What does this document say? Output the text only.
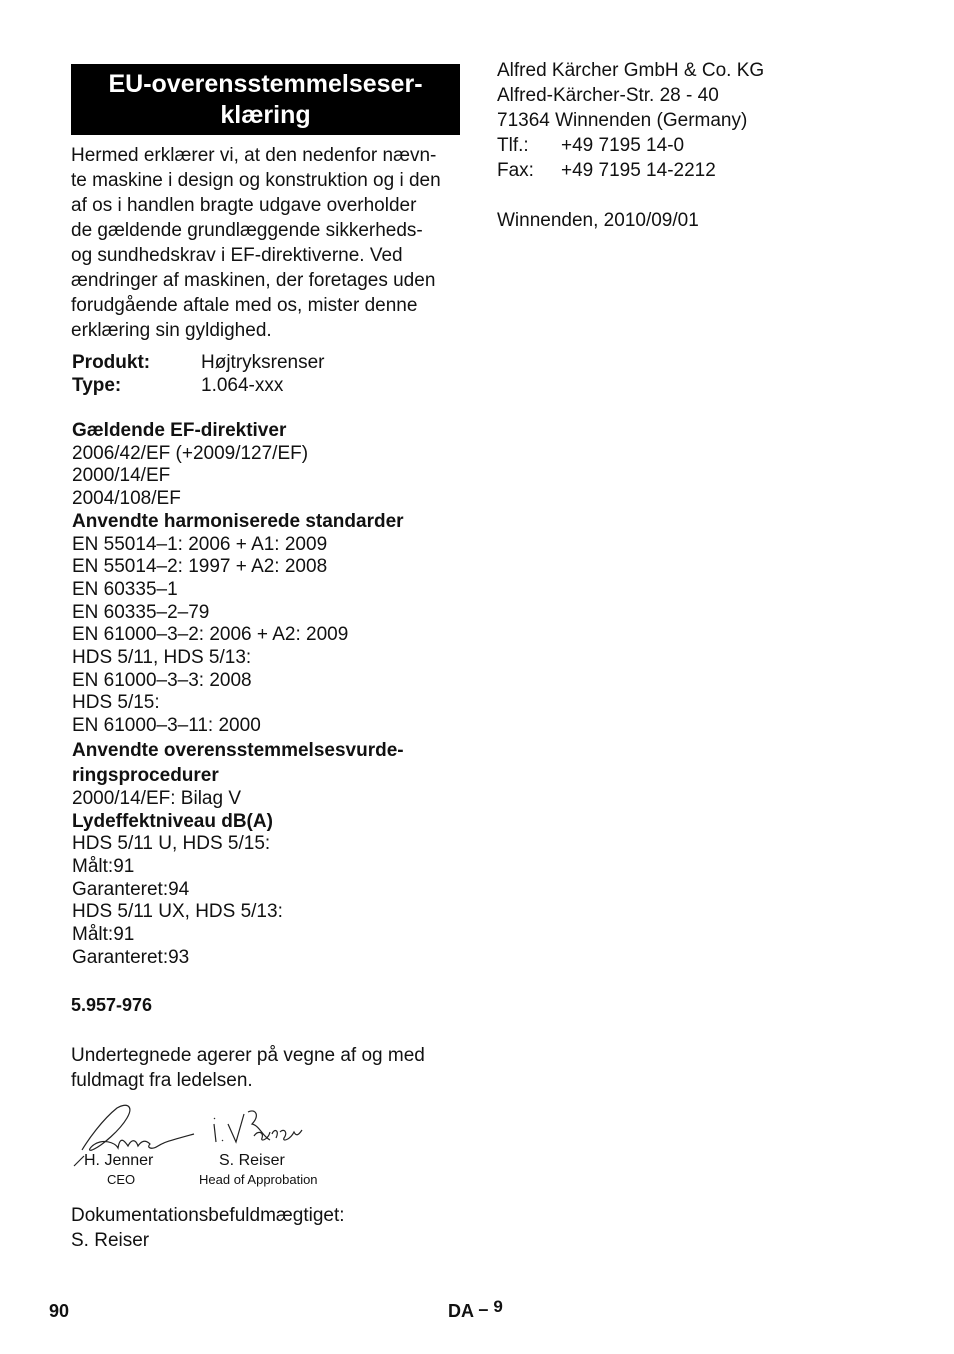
EU-overensstemmelseser-
klæring
Hermed erklærer vi, at den nedenfor nævn-
te maskine i design og konstruktion og i den
af os i handlen bragte udgave overholder
de gældende grundlæggende sikkerheds-
og sundhedskrav i EF-direktiverne. Ved
ændringer af maskinen, der foretages uden
forudgående aftale med os, mister denne
erklæring sin gyldighed.
Produkt:	Højtryksrenser
Type:	1.064-xxx
Gældende EF-direktiver
2006/42/EF (+2009/127/EF)
2000/14/EF
2004/108/EF
Anvendte harmoniserede standarder
EN 55014–1: 2006 + A1: 2009
EN 55014–2: 1997 + A2: 2008
EN 60335–1
EN 60335–2–79
EN 61000–3–2: 2006 + A2: 2009
HDS 5/11, HDS 5/13:
EN 61000–3–3: 2008
HDS 5/15:
EN 61000–3–11: 2000
Anvendte overensstemmelsesvurde-
ringsprocedurer
2000/14/EF: Bilag V
Lydeffektniveau dB(A)
HDS 5/11 U, HDS 5/15:
Målt:91
Garanteret:94
HDS 5/11 UX, HDS 5/13:
Målt:91
Garanteret:93
5.957-976
Undertegnede agerer på vegne af og med
fuldmagt fra ledelsen.
H. Jenner
CEO
S. Reiser
Head of Approbation
Dokumentationsbefuldmægtiget:
S. Reiser
Alfred Kärcher GmbH & Co. KG
Alfred-Kärcher-Str. 28 - 40
71364 Winnenden (Germany)
Tlf.: +49 7195 14-0
Fax: +49 7195 14-2212
Winnenden, 2010/09/01
90	DA – 9
